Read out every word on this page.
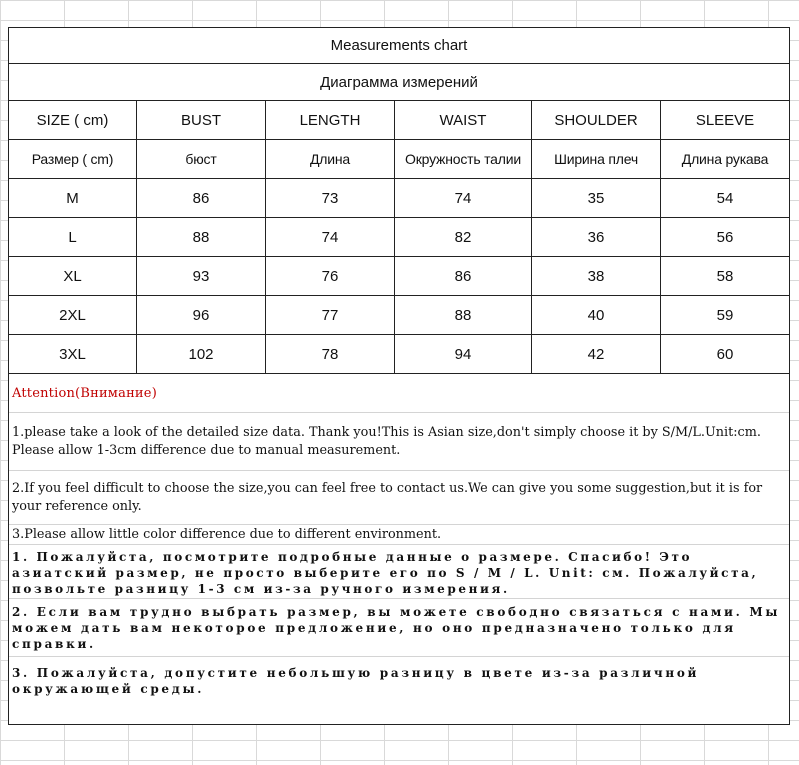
Measurements chart
Диаграмма измерений
SIZE ( cm)	BUST	LENGTH	WAIST	SHOULDER	SLEEVE
Размер ( cm)	бюст	Длина	Окружность талии	Ширина плеч	Длина рукава
M	86	73	74	35	54
L	88	74	82	36	56
XL	93	76	86	38	58
2XL	96	77	88	40	59
3XL	102	78	94	42	60
Attention(Внимание)

1.please take a look of the detailed size data. Thank you!This is Asian size,don't simply choose it by S/M/L.Unit:cm. Please allow 1-3cm difference due to manual measurement.

2.If you feel difficult to choose the size,you can feel free to contact us.We can give you some suggestion,but it is for your reference only.

3.Please allow little color difference due to different environment.

1. Пожалуйста, посмотрите подробные данные о размере. Спасибо! Это азиатский размер, не просто выберите его по S / M / L. Unit: см. Пожалуйста, позвольте разницу 1-3 см из-за ручного измерения.

2. Если вам трудно выбрать размер, вы можете свободно связаться с нами. Мы можем дать вам некоторое предложение, но оно предназначено только для справки.

3. Пожалуйста, допустите небольшую разницу в цвете из-за различной окружающей среды.
